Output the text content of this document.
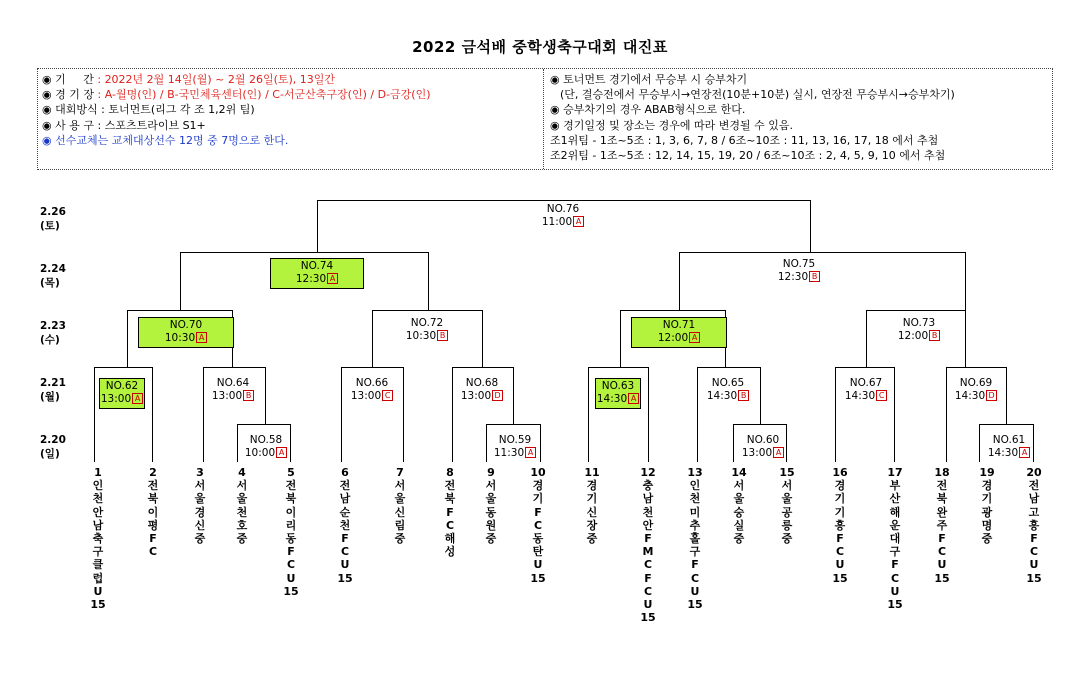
2022 금석배 중학생축구대회 대진표
◉ 기     간 : 2022년 2월 14일(월) ~ 2월 26일(토), 13일간
◉ 경 기 장 : A-월명(인) / B-국민체육센터(인) / C-서군산축구장(인) / D-금강(인)
◉ 대회방식 : 토너먼트(리그 각 조 1,2위 팀)
◉ 사 용 구 : 스포츠트라이브 S1+
◉ 선수교체는 교체대상선수 12명 중 7명으로 한다.
◉ 토너먼트 경기에서 무승부 시 승부차기
(단, 결승전에서 무승부시→연장전(10분+10분) 실시, 연장전 무승부시→승부차기)
◉ 승부차기의 경우 ABAB형식으로 한다.
◉ 경기일정 및 장소는 경우에 따라 변경될 수 있음.
조1위팀 - 1조~5조 : 1, 3, 6, 7, 8 / 6조~10조 : 11, 13, 16, 17, 18 에서 추첨
조2위팀 - 1조~5조 : 12, 14, 15, 19, 20 / 6조~10조 : 2, 4, 5, 9, 10 에서 추첨
2.26
(토)
2.24
(목)
2.23
(수)
2.21
(월)
2.20
(일)
NO.76
11:00 A
NO.74
12:30 A
NO.75
12:30 B
NO.70
10:30 A
NO.72
10:30 B
NO.71
12:00 A
NO.73
12:00 B
NO.62
13:00 A
NO.64
13:00 B
NO.66
13:00 C
NO.68
13:00 D
NO.63
14:30 A
NO.65
14:30 B
NO.67
14:30 C
NO.69
14:30 D
NO.58
10:00 A
NO.59
11:30 A
NO.60
13:00 A
NO.61
14:30 A
1
인
천
안
남
축
구
클
럽
U
15
2
전
북
이
평
F
C
3
서
울
경
신
중
4
서
울
천
호
중
5
전
북
이
리
동
F
C
U
15
6
전
남
순
천
F
C
U
15
7
서
울
신
림
중
8
전
북
F
C
해
성
9
서
울
동
원
중
10
경
기
F
C
동
탄
U
15
11
경
기
신
장
중
12
충
남
천
안
F
M
C
F
C
U
15
13
인
천
미
추
홀
구
F
C
U
15
14
서
울
숭
실
중
15
서
울
공
릉
중
16
경
기
기
흥
F
C
U
15
17
부
산
해
운
대
구
F
C
U
15
18
전
북
완
주
F
C
U
15
19
경
기
광
명
중
20
전
남
고
흥
F
C
U
15
